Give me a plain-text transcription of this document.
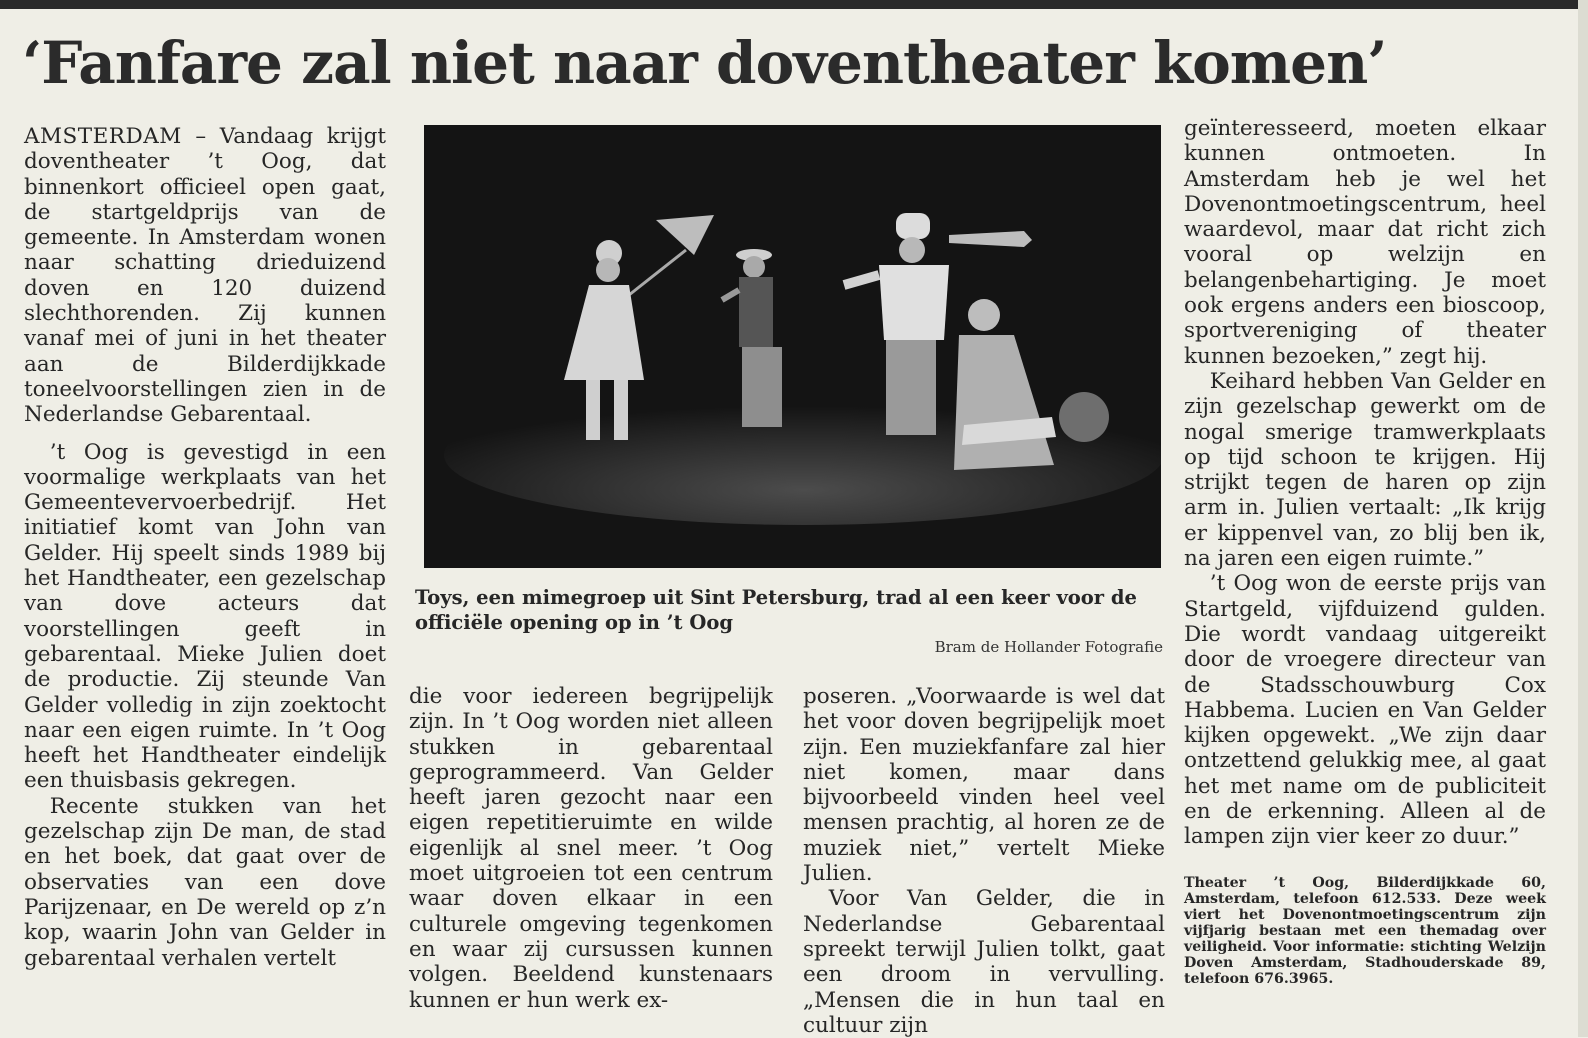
‘Fanfare zal niet naar doventheater komen’

AMSTERDAM – Vandaag krijgt doventheater ’t Oog, dat binnenkort officieel open gaat, de startgeldprijs van de gemeente. In Amsterdam wonen naar schatting drieduizend doven en 120 duizend slechthorenden. Zij kunnen vanaf mei of juni in het theater aan de Bilderdijkkade toneelvoorstellingen zien in de Nederlandse Gebarentaal.

’t Oog is gevestigd in een voormalige werkplaats van het Gemeentevervoerbedrijf. Het initiatief komt van John van Gelder. Hij speelt sinds 1989 bij het Handtheater, een gezelschap van dove acteurs dat voorstellingen geeft in gebarentaal. Mieke Julien doet de productie. Zij steunde Van Gelder volledig in zijn zoektocht naar een eigen ruimte. In ’t Oog heeft het Handtheater eindelijk een thuisbasis gekregen.

Recente stukken van het gezelschap zijn De man, de stad en het boek, dat gaat over de observaties van een dove Parijzenaar, en De wereld op z’n kop, waarin John van Gelder in gebarentaal verhalen vertelt

Toys, een mimegroep uit Sint Petersburg, trad al een keer voor de officiële opening op in ’t Oog
Bram de Hollander Fotografie

die voor iedereen begrijpelijk zijn. In ’t Oog worden niet alleen stukken in gebarentaal geprogrammeerd. Van Gelder heeft jaren gezocht naar een eigen repetitieruimte en wilde eigenlijk al snel meer. ’t Oog moet uitgroeien tot een centrum waar doven elkaar in een culturele omgeving tegenkomen en waar zij cursussen kunnen volgen. Beeldend kunstenaars kunnen er hun werk ex-

poseren. „Voorwaarde is wel dat het voor doven begrijpelijk moet zijn. Een muziekfanfare zal hier niet komen, maar dans bijvoorbeeld vinden heel veel mensen prachtig, al horen ze de muziek niet,” vertelt Mieke Julien.

Voor Van Gelder, die in Nederlandse Gebarentaal spreekt terwijl Julien tolkt, gaat een droom in vervulling. „Mensen die in hun taal en cultuur zijn

geïnteresseerd, moeten elkaar kunnen ontmoeten. In Amsterdam heb je wel het Dovenontmoetingscentrum, heel waardevol, maar dat richt zich vooral op welzijn en belangenbehartiging. Je moet ook ergens anders een bioscoop, sportvereniging of theater kunnen bezoeken,” zegt hij.

Keihard hebben Van Gelder en zijn gezelschap gewerkt om de nogal smerige tramwerkplaats op tijd schoon te krijgen. Hij strijkt tegen de haren op zijn arm in. Julien vertaalt: „Ik krijg er kippenvel van, zo blij ben ik, na jaren een eigen ruimte.”

’t Oog won de eerste prijs van Startgeld, vijfduizend gulden. Die wordt vandaag uitgereikt door de vroegere directeur van de Stadsschouwburg Cox Habbema. Lucien en Van Gelder kijken opgewekt. „We zijn daar ontzettend gelukkig mee, al gaat het met name om de publiciteit en de erkenning. Alleen al de lampen zijn vier keer zo duur.”

Theater ’t Oog, Bilderdijkkade 60, Amsterdam, telefoon 612.533. Deze week viert het Dovenontmoetingscentrum zijn vijfjarig bestaan met een themadag over veiligheid. Voor informatie: stichting Welzijn Doven Amsterdam, Stadhouderskade 89, telefoon 676.3965.
